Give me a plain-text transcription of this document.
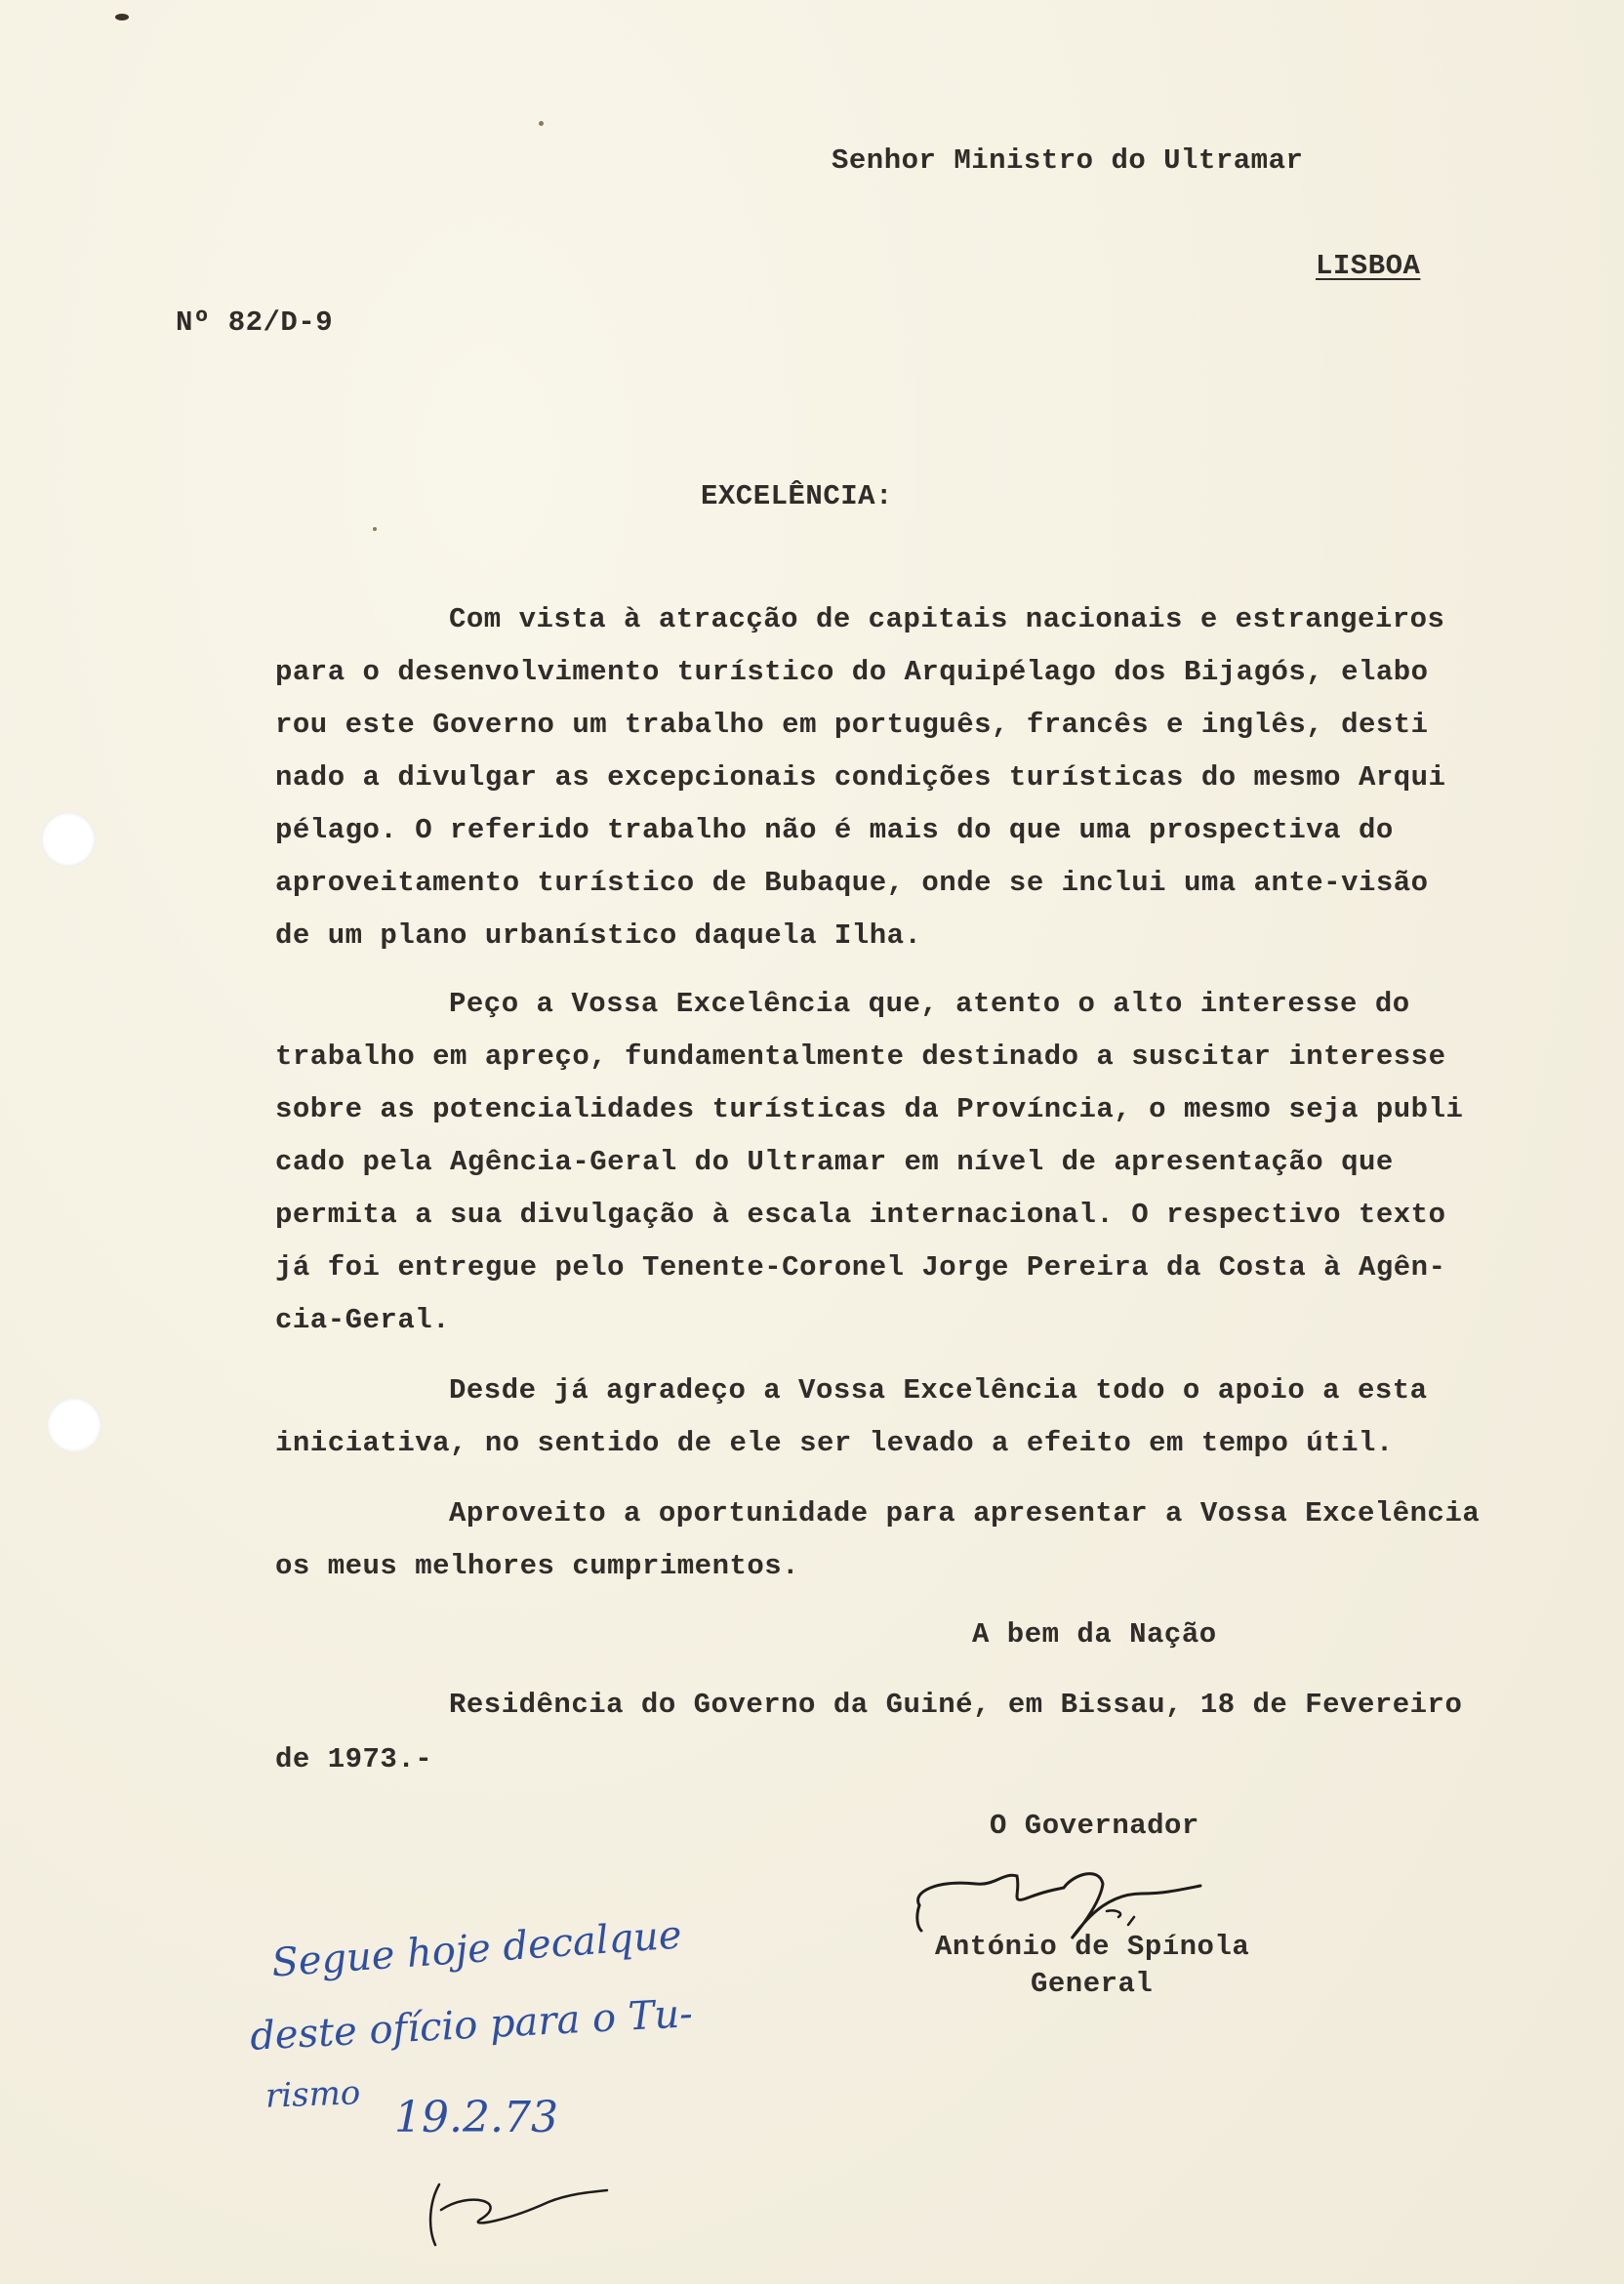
Senhor Ministro do Ultramar
LISBOA
Nº 82/D-9
EXCELÊNCIA:
Com vista à atracção de capitais nacionais e estrangeiros
para o desenvolvimento turístico do Arquipélago dos Bijagós, elabo
rou este Governo um trabalho em português, francês e inglês, desti
nado a divulgar as excepcionais condições turísticas do mesmo Arqui
pélago. O referido trabalho não é mais do que uma prospectiva do
aproveitamento turístico de Bubaque, onde se inclui uma ante-visão
de um plano urbanístico daquela Ilha.
Peço a Vossa Excelência que, atento o alto interesse do
trabalho em apreço, fundamentalmente destinado a suscitar interesse
sobre as potencialidades turísticas da Província, o mesmo seja publi
cado pela Agência-Geral do Ultramar em nível de apresentação que
permita a sua divulgação à escala internacional. O respectivo texto
já foi entregue pelo Tenente-Coronel Jorge Pereira da Costa à Agên-
cia-Geral.
Desde já agradeço a Vossa Excelência todo o apoio a esta
iniciativa, no sentido de ele ser levado a efeito em tempo útil.
Aproveito a oportunidade para apresentar a Vossa Excelência
os meus melhores cumprimentos.
A bem da Nação
Residência do Governo da Guiné, em Bissau, 18 de Fevereiro
de 1973.-
O Governador
António de Spínola
General
Segue hoje decalque
deste ofício para o Tu-
rismo 19.2.73
